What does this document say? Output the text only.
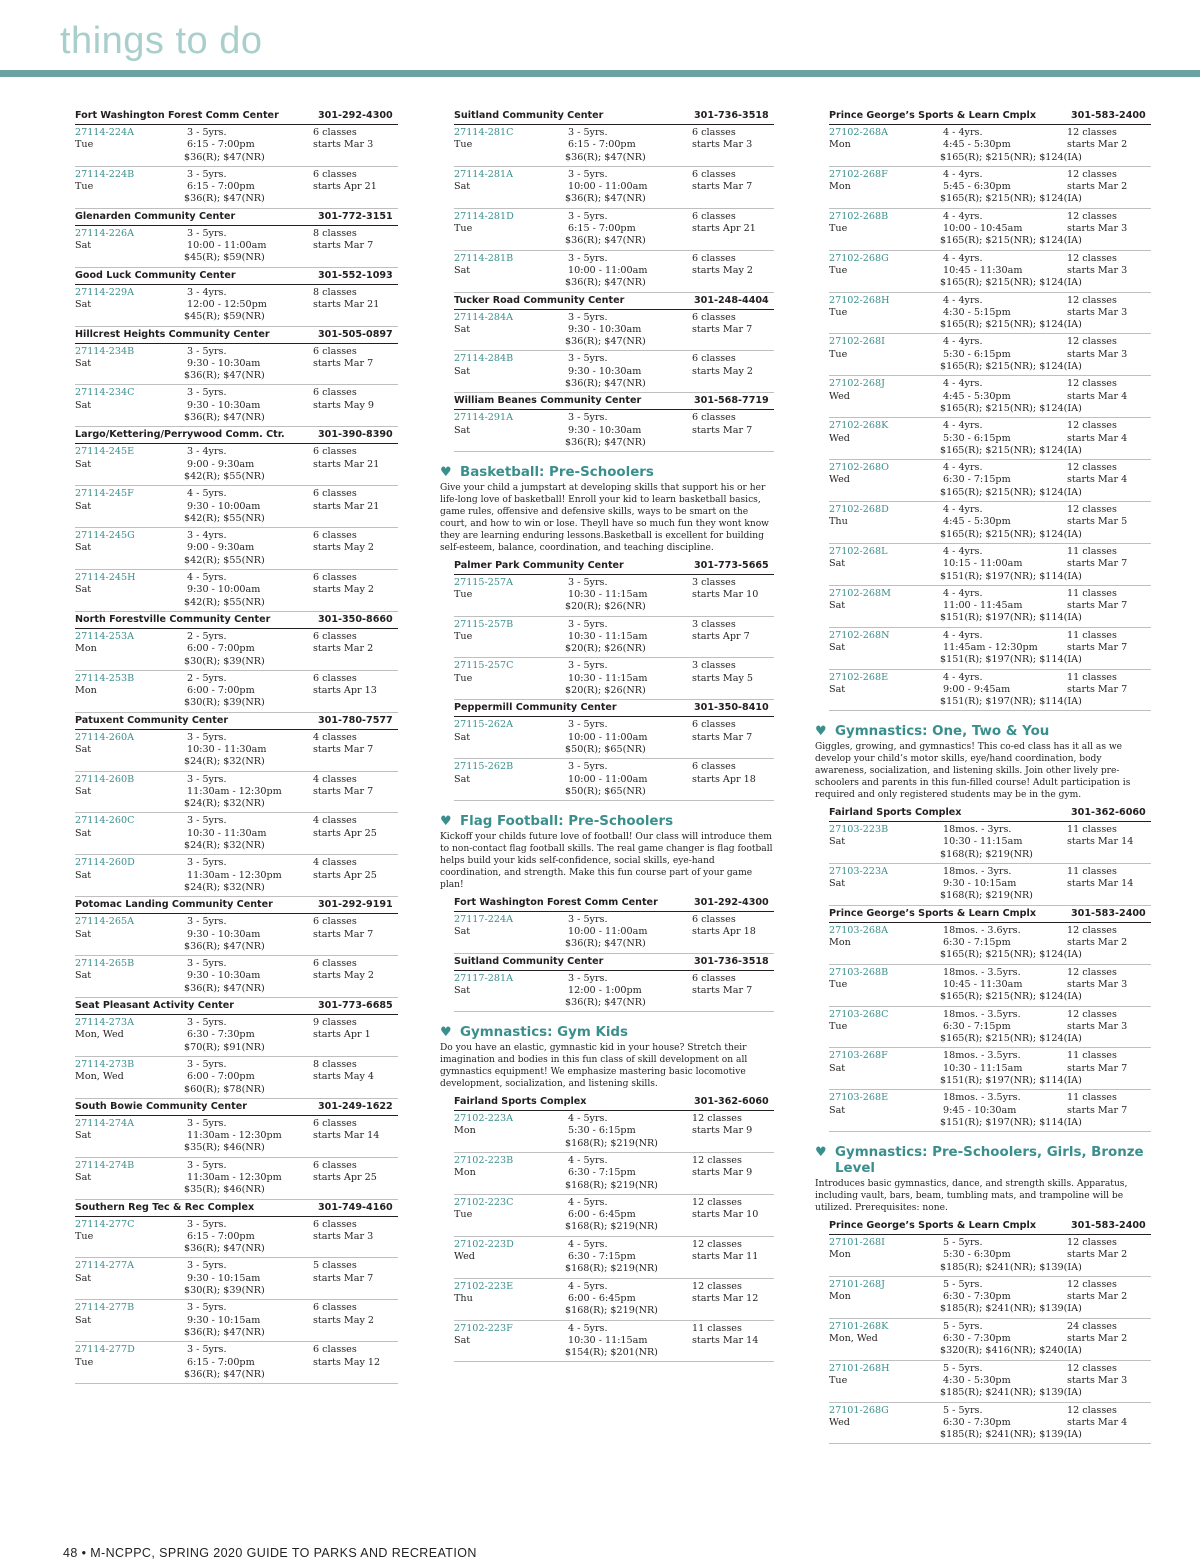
things to do
Fort Washington Forest Comm Center	301-292-4300
27114-224A	3 - 5yrs.	6 classes
Tue	6:15 - 7:00pm	starts Mar 3
$36(R); $47(NR)
27114-224B	3 - 5yrs.	6 classes
Tue	6:15 - 7:00pm	starts Apr 21
$36(R); $47(NR)
Glenarden Community Center	301-772-3151
27114-226A	3 - 5yrs.	8 classes
Sat	10:00 - 11:00am	starts Mar 7
$45(R); $59(NR)
Good Luck Community Center	301-552-1093
27114-229A	3 - 4yrs.	8 classes
Sat	12:00 - 12:50pm	starts Mar 21
$45(R); $59(NR)
Hillcrest Heights Community Center	301-505-0897
27114-234B	3 - 5yrs.	6 classes
Sat	9:30 - 10:30am	starts Mar 7
$36(R); $47(NR)
27114-234C	3 - 5yrs.	6 classes
Sat	9:30 - 10:30am	starts May 9
$36(R); $47(NR)
Largo/Kettering/Perrywood Comm. Ctr.	301-390-8390
27114-245E	3 - 4yrs.	6 classes
Sat	9:00 - 9:30am	starts Mar 21
$42(R); $55(NR)
27114-245F	4 - 5yrs.	6 classes
Sat	9:30 - 10:00am	starts Mar 21
$42(R); $55(NR)
27114-245G	3 - 4yrs.	6 classes
Sat	9:00 - 9:30am	starts May 2
$42(R); $55(NR)
27114-245H	4 - 5yrs.	6 classes
Sat	9:30 - 10:00am	starts May 2
$42(R); $55(NR)
North Forestville Community Center	301-350-8660
27114-253A	2 - 5yrs.	6 classes
Mon	6:00 - 7:00pm	starts Mar 2
$30(R); $39(NR)
27114-253B	2 - 5yrs.	6 classes
Mon	6:00 - 7:00pm	starts Apr 13
$30(R); $39(NR)
Patuxent Community Center	301-780-7577
27114-260A	3 - 5yrs.	4 classes
Sat	10:30 - 11:30am	starts Mar 7
$24(R); $32(NR)
27114-260B	3 - 5yrs.	4 classes
Sat	11:30am - 12:30pm	starts Mar 7
$24(R); $32(NR)
27114-260C	3 - 5yrs.	4 classes
Sat	10:30 - 11:30am	starts Apr 25
$24(R); $32(NR)
27114-260D	3 - 5yrs.	4 classes
Sat	11:30am - 12:30pm	starts Apr 25
$24(R); $32(NR)
Potomac Landing Community Center	301-292-9191
27114-265A	3 - 5yrs.	6 classes
Sat	9:30 - 10:30am	starts Mar 7
$36(R); $47(NR)
27114-265B	3 - 5yrs.	6 classes
Sat	9:30 - 10:30am	starts May 2
$36(R); $47(NR)
Seat Pleasant Activity Center	301-773-6685
27114-273A	3 - 5yrs.	9 classes
Mon, Wed	6:30 - 7:30pm	starts Apr 1
$70(R); $91(NR)
27114-273B	3 - 5yrs.	8 classes
Mon, Wed	6:00 - 7:00pm	starts May 4
$60(R); $78(NR)
South Bowie Community Center	301-249-1622
27114-274A	3 - 5yrs.	6 classes
Sat	11:30am - 12:30pm	starts Mar 14
$35(R); $46(NR)
27114-274B	3 - 5yrs.	6 classes
Sat	11:30am - 12:30pm	starts Apr 25
$35(R); $46(NR)
Southern Reg Tec & Rec Complex	301-749-4160
27114-277C	3 - 5yrs.	6 classes
Tue	6:15 - 7:00pm	starts Mar 3
$36(R); $47(NR)
27114-277A	3 - 5yrs.	5 classes
Sat	9:30 - 10:15am	starts Mar 7
$30(R); $39(NR)
27114-277B	3 - 5yrs.	6 classes
Sat	9:30 - 10:15am	starts May 2
$36(R); $47(NR)
27114-277D	3 - 5yrs.	6 classes
Tue	6:15 - 7:00pm	starts May 12
$36(R); $47(NR)
Suitland Community Center	301-736-3518
27114-281C	3 - 5yrs.	6 classes
Tue	6:15 - 7:00pm	starts Mar 3
$36(R); $47(NR)
27114-281A	3 - 5yrs.	6 classes
Sat	10:00 - 11:00am	starts Mar 7
$36(R); $47(NR)
27114-281D	3 - 5yrs.	6 classes
Tue	6:15 - 7:00pm	starts Apr 21
$36(R); $47(NR)
27114-281B	3 - 5yrs.	6 classes
Sat	10:00 - 11:00am	starts May 2
$36(R); $47(NR)
Tucker Road Community Center	301-248-4404
27114-284A	3 - 5yrs.	6 classes
Sat	9:30 - 10:30am	starts Mar 7
$36(R); $47(NR)
27114-284B	3 - 5yrs.	6 classes
Sat	9:30 - 10:30am	starts May 2
$36(R); $47(NR)
William Beanes Community Center	301-568-7719
27114-291A	3 - 5yrs.	6 classes
Sat	9:30 - 10:30am	starts Mar 7
$36(R); $47(NR)
♥ Basketball: Pre-Schoolers
Give your child a jumpstart at developing skills that support his or her life-long love of basketball! Enroll your kid to learn basketball basics, game rules, offensive and defensive skills, ways to be smart on the court, and how to win or lose. Theyll have so much fun they wont know they are learning enduring lessons.Basketball is excellent for building self-esteem, balance, coordination, and teaching discipline.
Palmer Park Community Center	301-773-5665
27115-257A	3 - 5yrs.	3 classes
Tue	10:30 - 11:15am	starts Mar 10
$20(R); $26(NR)
27115-257B	3 - 5yrs.	3 classes
Tue	10:30 - 11:15am	starts Apr 7
$20(R); $26(NR)
27115-257C	3 - 5yrs.	3 classes
Tue	10:30 - 11:15am	starts May 5
$20(R); $26(NR)
Peppermill Community Center	301-350-8410
27115-262A	3 - 5yrs.	6 classes
Sat	10:00 - 11:00am	starts Mar 7
$50(R); $65(NR)
27115-262B	3 - 5yrs.	6 classes
Sat	10:00 - 11:00am	starts Apr 18
$50(R); $65(NR)
♥ Flag Football: Pre-Schoolers
Kickoff your childs future love of football! Our class will introduce them to non-contact flag football skills. The real game changer is flag football helps build your kids self-confidence, social skills, eye-hand coordination, and strength. Make this fun course part of your game plan!
Fort Washington Forest Comm Center	301-292-4300
27117-224A	3 - 5yrs.	6 classes
Sat	10:00 - 11:00am	starts Apr 18
$36(R); $47(NR)
Suitland Community Center	301-736-3518
27117-281A	3 - 5yrs.	6 classes
Sat	12:00 - 1:00pm	starts Mar 7
$36(R); $47(NR)
♥ Gymnastics: Gym Kids
Do you have an elastic, gymnastic kid in your house? Stretch their imagination and bodies in this fun class of skill development on all gymnastics equipment! We emphasize mastering basic locomotive development, socialization, and listening skills.
Fairland Sports Complex	301-362-6060
27102-223A	4 - 5yrs.	12 classes
Mon	5:30 - 6:15pm	starts Mar 9
$168(R); $219(NR)
27102-223B	4 - 5yrs.	12 classes
Mon	6:30 - 7:15pm	starts Mar 9
$168(R); $219(NR)
27102-223C	4 - 5yrs.	12 classes
Tue	6:00 - 6:45pm	starts Mar 10
$168(R); $219(NR)
27102-223D	4 - 5yrs.	12 classes
Wed	6:30 - 7:15pm	starts Mar 11
$168(R); $219(NR)
27102-223E	4 - 5yrs.	12 classes
Thu	6:00 - 6:45pm	starts Mar 12
$168(R); $219(NR)
27102-223F	4 - 5yrs.	11 classes
Sat	10:30 - 11:15am	starts Mar 14
$154(R); $201(NR)
Prince George’s Sports & Learn Cmplx	301-583-2400
27102-268A	4 - 4yrs.	12 classes
Mon	4:45 - 5:30pm	starts Mar 2
$165(R); $215(NR); $124(IA)
27102-268F	4 - 4yrs.	12 classes
Mon	5:45 - 6:30pm	starts Mar 2
$165(R); $215(NR); $124(IA)
27102-268B	4 - 4yrs.	12 classes
Tue	10:00 - 10:45am	starts Mar 3
$165(R); $215(NR); $124(IA)
27102-268G	4 - 4yrs.	12 classes
Tue	10:45 - 11:30am	starts Mar 3
$165(R); $215(NR); $124(IA)
27102-268H	4 - 4yrs.	12 classes
Tue	4:30 - 5:15pm	starts Mar 3
$165(R); $215(NR); $124(IA)
27102-268I	4 - 4yrs.	12 classes
Tue	5:30 - 6:15pm	starts Mar 3
$165(R); $215(NR); $124(IA)
27102-268J	4 - 4yrs.	12 classes
Wed	4:45 - 5:30pm	starts Mar 4
$165(R); $215(NR); $124(IA)
27102-268K	4 - 4yrs.	12 classes
Wed	5:30 - 6:15pm	starts Mar 4
$165(R); $215(NR); $124(IA)
27102-268O	4 - 4yrs.	12 classes
Wed	6:30 - 7:15pm	starts Mar 4
$165(R); $215(NR); $124(IA)
27102-268D	4 - 4yrs.	12 classes
Thu	4:45 - 5:30pm	starts Mar 5
$165(R); $215(NR); $124(IA)
27102-268L	4 - 4yrs.	11 classes
Sat	10:15 - 11:00am	starts Mar 7
$151(R); $197(NR); $114(IA)
27102-268M	4 - 4yrs.	11 classes
Sat	11:00 - 11:45am	starts Mar 7
$151(R); $197(NR); $114(IA)
27102-268N	4 - 4yrs.	11 classes
Sat	11:45am - 12:30pm	starts Mar 7
$151(R); $197(NR); $114(IA)
27102-268E	4 - 4yrs.	11 classes
Sat	9:00 - 9:45am	starts Mar 7
$151(R); $197(NR); $114(IA)
♥ Gymnastics: One, Two & You
Giggles, growing, and gymnastics! This co-ed class has it all as we develop your child’s motor skills, eye/hand coordination, body awareness, socialization, and listening skills. Join other lively pre-schoolers and parents in this fun-filled course! Adult participation is required and only registered students may be in the gym.
Fairland Sports Complex	301-362-6060
27103-223B	18mos. - 3yrs.	11 classes
Sat	10:30 - 11:15am	starts Mar 14
$168(R); $219(NR)
27103-223A	18mos. - 3yrs.	11 classes
Sat	9:30 - 10:15am	starts Mar 14
$168(R); $219(NR)
Prince George’s Sports & Learn Cmplx	301-583-2400
27103-268A	18mos. - 3.6yrs.	12 classes
Mon	6:30 - 7:15pm	starts Mar 2
$165(R); $215(NR); $124(IA)
27103-268B	18mos. - 3.5yrs.	12 classes
Tue	10:45 - 11:30am	starts Mar 3
$165(R); $215(NR); $124(IA)
27103-268C	18mos. - 3.5yrs.	12 classes
Tue	6:30 - 7:15pm	starts Mar 3
$165(R); $215(NR); $124(IA)
27103-268F	18mos. - 3.5yrs.	11 classes
Sat	10:30 - 11:15am	starts Mar 7
$151(R); $197(NR); $114(IA)
27103-268E	18mos. - 3.5yrs.	11 classes
Sat	9:45 - 10:30am	starts Mar 7
$151(R); $197(NR); $114(IA)
♥ Gymnastics: Pre-Schoolers, Girls, Bronze Level
Introduces basic gymnastics, dance, and strength skills. Apparatus, including vault, bars, beam, tumbling mats, and trampoline will be utilized. Prerequisites: none.
Prince George’s Sports & Learn Cmplx	301-583-2400
27101-268I	5 - 5yrs.	12 classes
Mon	5:30 - 6:30pm	starts Mar 2
$185(R); $241(NR); $139(IA)
27101-268J	5 - 5yrs.	12 classes
Mon	6:30 - 7:30pm	starts Mar 2
$185(R); $241(NR); $139(IA)
27101-268K	5 - 5yrs.	24 classes
Mon, Wed	6:30 - 7:30pm	starts Mar 2
$320(R); $416(NR); $240(IA)
27101-268H	5 - 5yrs.	12 classes
Tue	4:30 - 5:30pm	starts Mar 3
$185(R); $241(NR); $139(IA)
27101-268G	5 - 5yrs.	12 classes
Wed	6:30 - 7:30pm	starts Mar 4
$185(R); $241(NR); $139(IA)
48 • M-NCPPC, SPRING 2020 GUIDE TO PARKS AND RECREATION
